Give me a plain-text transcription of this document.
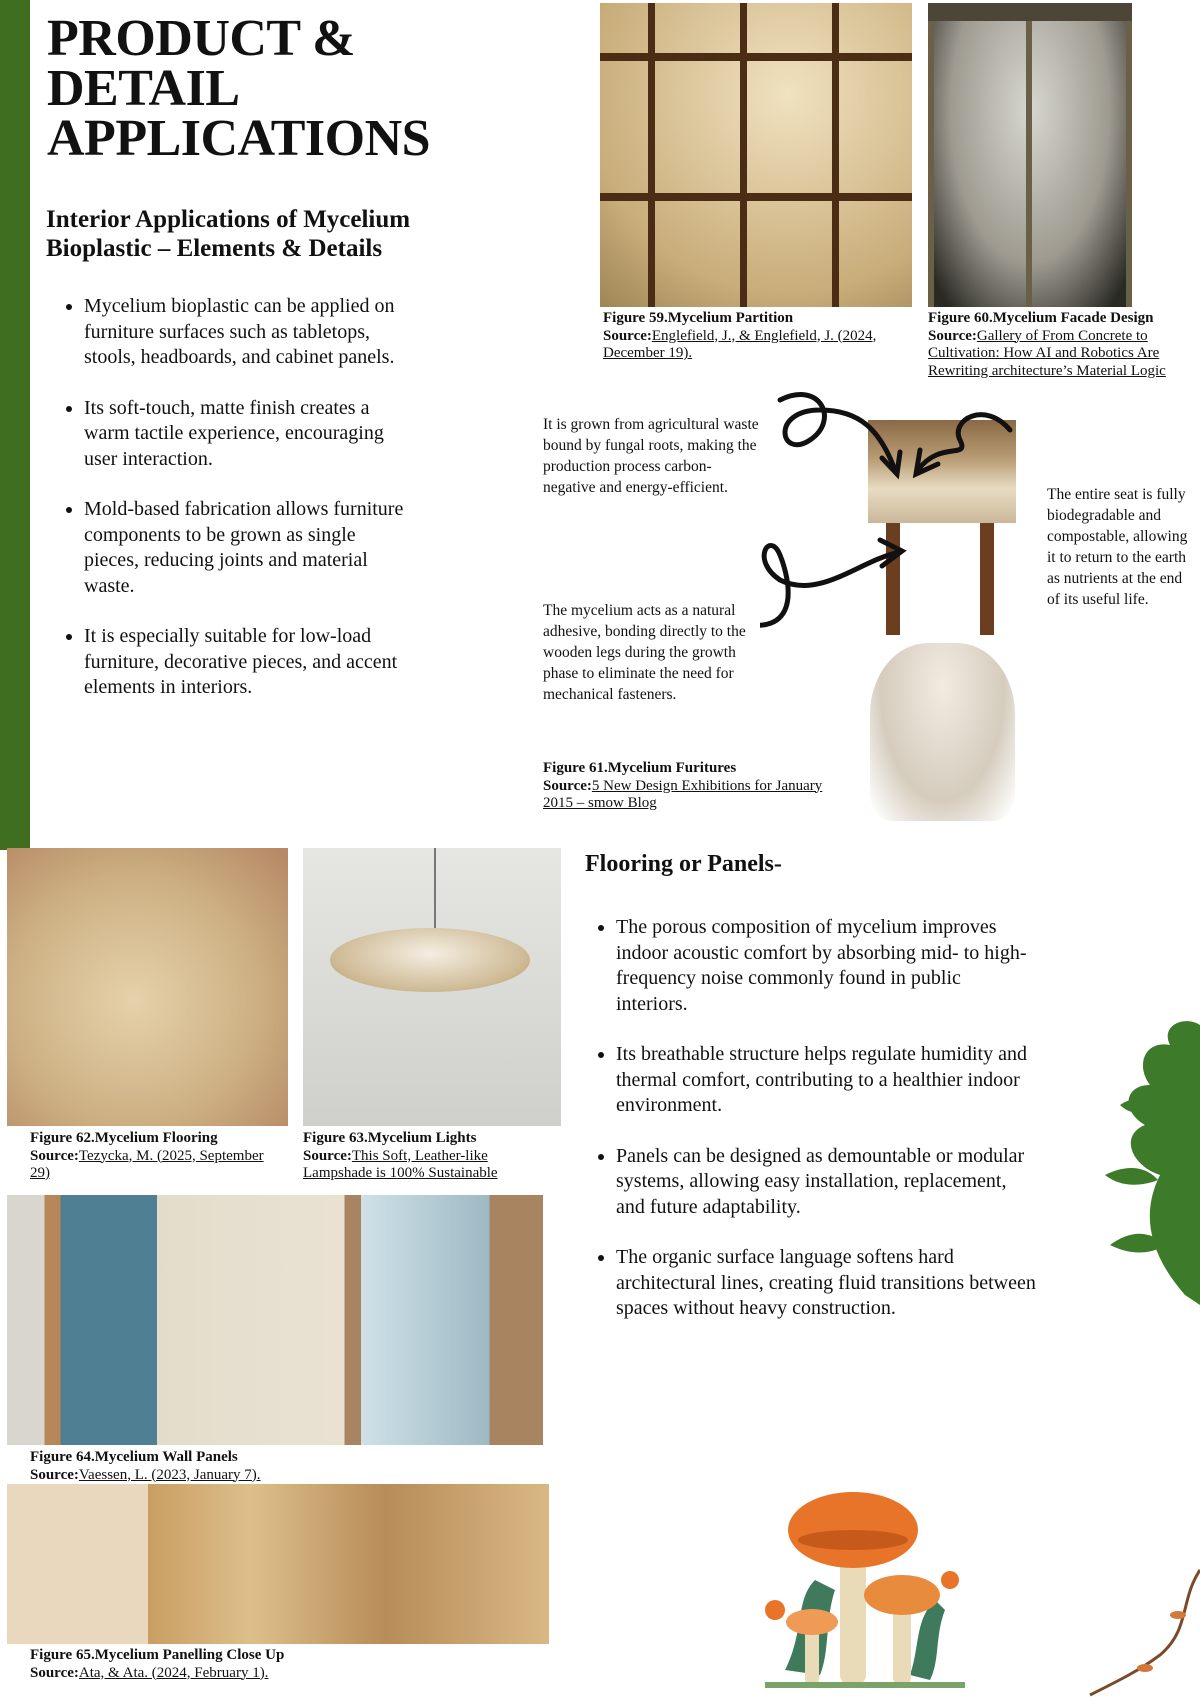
PRODUCT & DETAIL APPLICATIONS
Interior Applications of Mycelium Bioplastic – Elements & Details
• Mycelium bioplastic can be applied on furniture surfaces such as tabletops, stools, headboards, and cabinet panels.
• Its soft-touch, matte finish creates a warm tactile experience, encouraging user interaction.
• Mold-based fabrication allows furniture components to be grown as single pieces, reducing joints and material waste.
• It is especially suitable for low-load furniture, decorative pieces, and accent elements in interiors.
Figure 59.Mycelium Partition
Source:Englefield, J., & Englefield, J. (2024, December 19).
Figure 60.Mycelium Facade Design
Source:Gallery of From Concrete to Cultivation: How AI and Robotics Are Rewriting architecture’s Material Logic
It is grown from agricultural waste bound by fungal roots, making the production process carbon-negative and energy-efficient.
The mycelium acts as a natural adhesive, bonding directly to the wooden legs during the growth phase to eliminate the need for mechanical fasteners.
The entire seat is fully biodegradable and compostable, allowing it to return to the earth as nutrients at the end of its useful life.
Figure 61.Mycelium Furitures
Source:5 New Design Exhibitions for January 2015 – smow Blog
Figure 62.Mycelium Flooring
Source:Tezycka, M. (2025, September 29)
Figure 63.Mycelium Lights
Source:This Soft, Leather-like Lampshade is 100% Sustainable
Figure 64.Mycelium Wall Panels
Source:Vaessen, L. (2023, January 7).
Figure 65.Mycelium Panelling Close Up
Source:Ata, & Ata. (2024, February 1).
Flooring or Panels-
• The porous composition of mycelium improves indoor acoustic comfort by absorbing mid- to high-frequency noise commonly found in public interiors.
• Its breathable structure helps regulate humidity and thermal comfort, contributing to a healthier indoor environment.
• Panels can be designed as demountable or modular systems, allowing easy installation, replacement, and future adaptability.
• The organic surface language softens hard architectural lines, creating fluid transitions between spaces without heavy construction.
